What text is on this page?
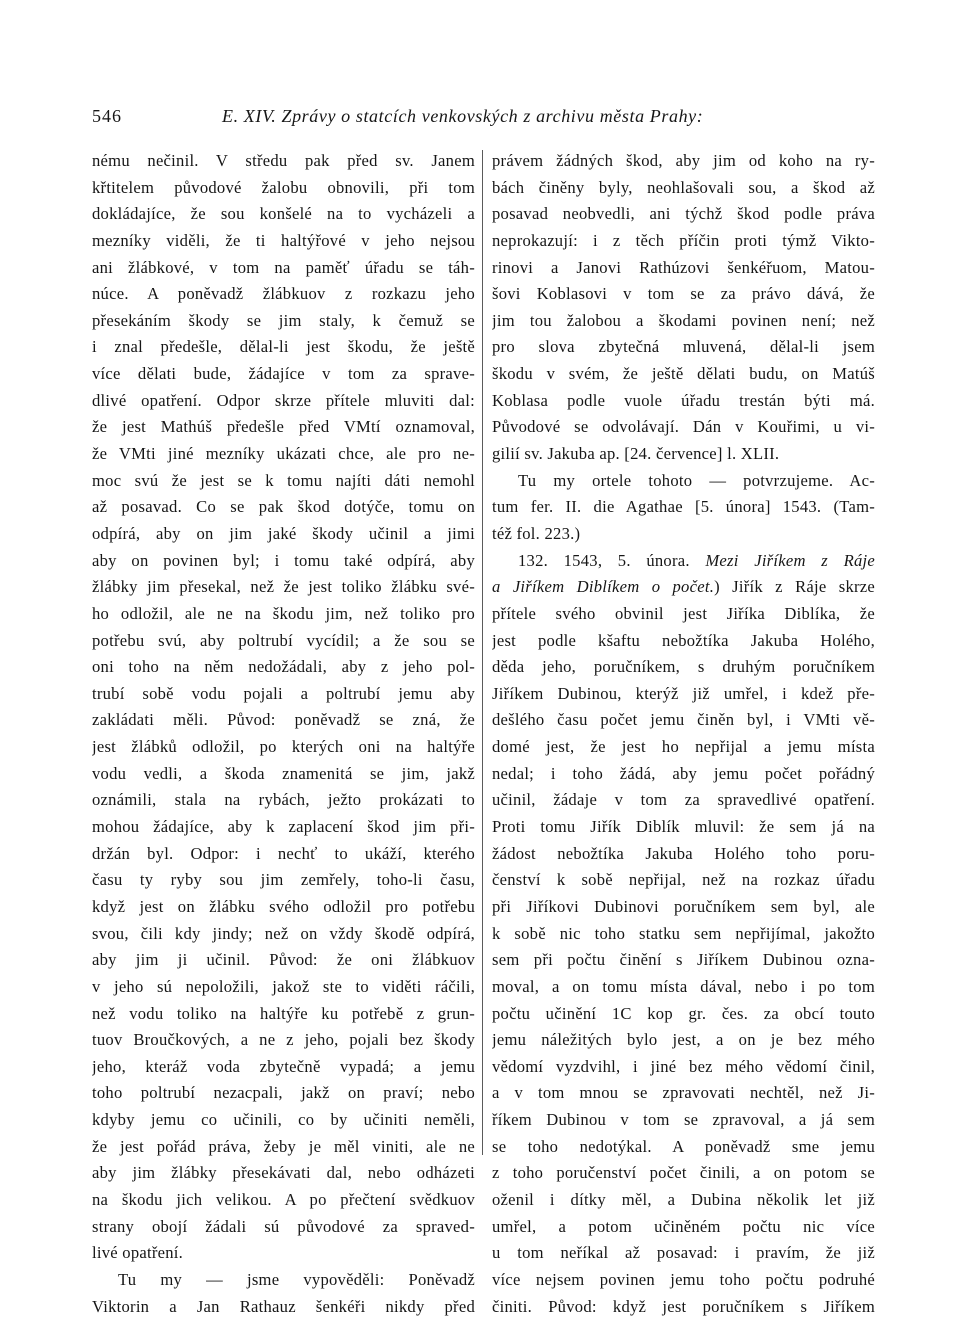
546	E. XIV. Zprávy o statcích venkovských z archivu města Prahy:
nému nečinil. V středu pak před sv. Janem
křtitelem původové žalobu obnovili, při tom
dokládajíce, že sou konšelé na to vycházeli a
mezníky viděli, že ti haltýřové v jeho nejsou
ani žlábkové, v tom na paměť úřadu se táh-
núce. A poněvadž žlábkuov z rozkazu jeho
přesekáním škody se jim staly, k čemuž se
i znal předešle, dělal-li jest škodu, že ještě
více dělati bude, žádajíce v tom za sprave-
dlivé opatření. Odpor skrze přítele mluviti dal:
že jest Mathúš předešle před VMtí oznamoval,
že VMti jiné mezníky ukázati chce, ale pro ne-
moc svú že jest se k tomu najíti dáti nemohl
až posavad. Co se pak škod dotýče, tomu on
odpírá, aby on jim jaké škody učinil a jimi
aby on povinen byl; i tomu také odpírá, aby
žlábky jim přesekal, než že jest toliko žlábku své-
ho odložil, ale ne na škodu jim, než toliko pro
potřebu svú, aby poltrubí vycídil; a že sou se
oni toho na něm nedožádali, aby z jeho pol-
trubí sobě vodu pojali a poltrubí jemu aby
zakládati měli. Původ: poněvadž se zná, že
jest žlábků odložil, po kterých oni na haltýře
vodu vedli, a škoda znamenitá se jim, jakž
oznámili, stala na rybách, ježto prokázati to
mohou žádajíce, aby k zaplacení škod jim při-
držán byl. Odpor: i nechť to ukáží, kterého
času ty ryby sou jim zemřely, toho-li času,
když jest on žlábku svého odložil pro potřebu
svou, čili kdy jindy; než on vždy škodě odpírá,
aby jim ji učinil. Původ: že oni žlábkuov
v jeho sú nepoložili, jakož ste to viděti ráčili,
než vodu toliko na haltýře ku potřebě z grun-
tuov Broučkových, a ne z jeho, pojali bez škody
jeho, kteráž voda zbytečně vypadá; a jemu
toho poltrubí nezacpali, jakž on praví; nebo
kdyby jemu co učinili, co by učiniti neměli,
že jest pořád práva, žeby je měl viniti, ale ne
aby jim žlábky přesekávati dal, nebo odházeti
na škodu jich velikou. A po přečtení svědkuov
strany obojí žádali sú původové za spraved-
livé opatření.
Tu my — jsme vypověděli: Poněvadž
Viktorin a Jan Rathauz šenkéři nikdy před
právem žádných škod, aby jim od koho na ry-
bách činěny byly, neohlašovali sou, a škod až
posavad neobvedli, ani týchž škod podle práva
neprokazují: i z těch příčin proti týmž Vikto-
rinovi a Janovi Rathúzovi šenkéřuom, Matou-
šovi Koblasovi v tom se za právo dává, že
jim tou žalobou a škodami povinen není; než
pro slova zbytečná mluvená, dělal-li jsem
škodu v svém, že ještě dělati budu, on Matúš
Koblasa podle vuole úřadu trestán býti má.
Původové se odvolávají. Dán v Kouřimi, u vi-
gilií sv. Jakuba ap. [24. července] l. XLII.
Tu my ortele tohoto — potvrzujeme. Ac-
tum fer. II. die Agathae [5. února] 1543. (Tam-
též fol. 223.)
132. 1543, 5. února. Mezi Jiříkem z Ráje
a Jiříkem Diblíkem o počet.) Jiřík z Ráje skrze
přítele svého obvinil jest Jiříka Diblíka, že
jest podle kšaftu nebožtíka Jakuba Holého,
děda jeho, poručníkem, s druhým poručníkem
Jiříkem Dubinou, kterýž již umřel, i kdež pře-
dešlého času počet jemu činěn byl, i VMti vě-
domé jest, že jest ho nepřijal a jemu místa
nedal; i toho žádá, aby jemu počet pořádný
učinil, žádaje v tom za spravedlivé opatření.
Proti tomu Jiřík Diblík mluvil: že sem já na
žádost nebožtíka Jakuba Holého toho poru-
čenství k sobě nepřijal, než na rozkaz úřadu
při Jiříkovi Dubinovi poručníkem sem byl, ale
k sobě nic toho statku sem nepřijímal, jakožto
sem při počtu činění s Jiříkem Dubinou ozna-
moval, a on tomu místa dával, nebo i po tom
počtu učinění 1C kop gr. čes. za obcí touto
jemu náležitých bylo jest, a on je bez mého
vědomí vyzdvihl, i jiné bez mého vědomí činil,
a v tom mnou se zpravovati nechtěl, než Ji-
říkem Dubinou v tom se zpravoval, a já sem
se toho nedotýkal. A poněvadž sme jemu
z toho poručenství počet činili, a on potom se
oženil i dítky měl, a Dubina několik let již
umřel, a potom učiněném počtu nic více
u tom neříkal až posavad: i pravím, že již
více nejsem povinen jemu toho počtu podruhé
činiti. Původ: když jest poručníkem s Jiříkem
